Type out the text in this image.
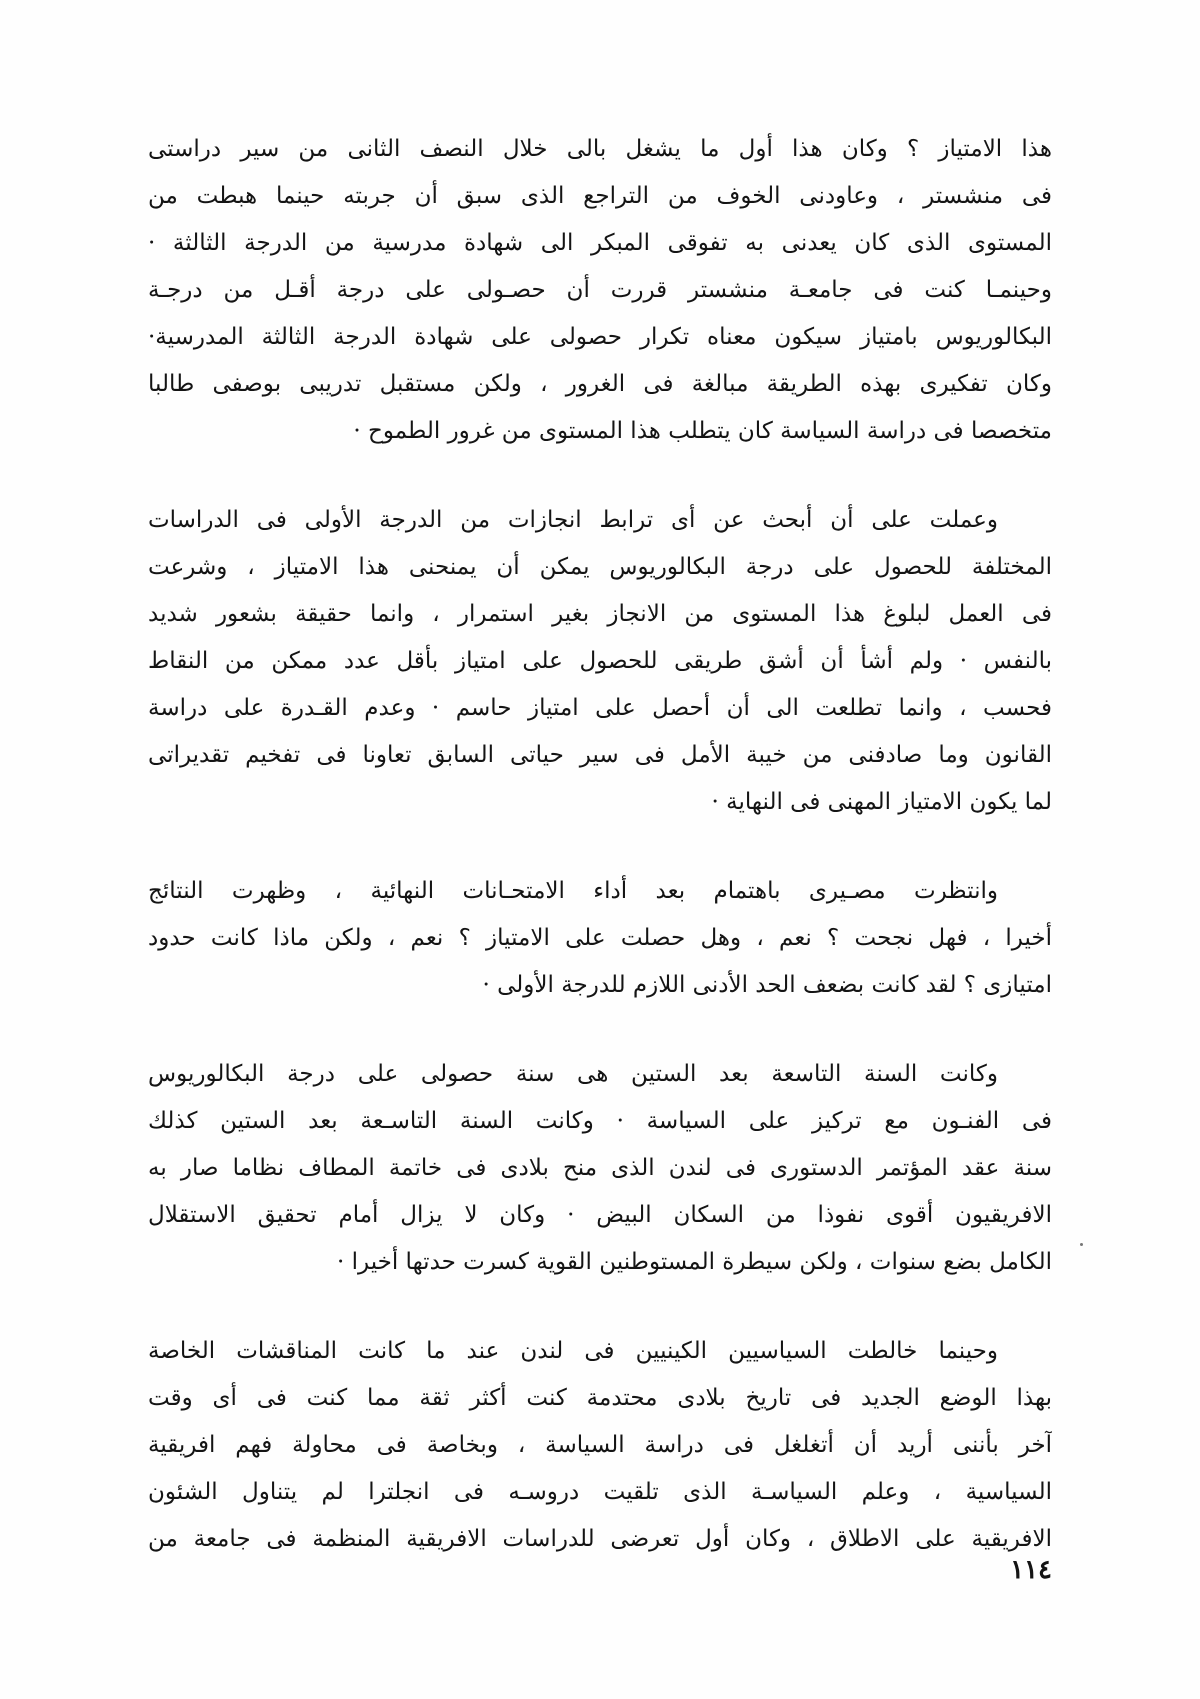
هذا الامتياز ؟ وكان هذا أول ما يشغل بالى خلال النصف الثانى من سير دراستى
فى منشستر ، وعاودنى الخوف من التراجع الذى سبق أن جربته حينما هبطت من
المستوى الذى كان يعدنى به تفوقى المبكر الى شهادة مدرسية من الدرجة الثالثة ·
وحينمـا كنت فى جامعـة منشستر قررت أن حصـولى على درجة أقـل من درجـة
البكالوريوس بامتياز سيكون معناه تكرار حصولى على شهادة الدرجة الثالثة المدرسية·
وكان تفكيرى بهذه الطريقة مبالغة فى الغرور ، ولكن مستقبل تدريبى بوصفى طالبا
متخصصا فى دراسة السياسة كان يتطلب هذا المستوى من غرور الطموح ·
وعملت على أن أبحث عن أى ترابط انجازات من الدرجة الأولى فى الدراسات
المختلفة للحصول على درجة البكالوريوس يمكن أن يمنحنى هذا الامتياز ، وشرعت
فى العمل لبلوغ هذا المستوى من الانجاز بغير استمرار ، وانما حقيقة بشعور شديد
بالنفس · ولم أشأ أن أشق طريقى للحصول على امتياز بأقل عدد ممكن من النقاط
فحسب ، وانما تطلعت الى أن أحصل على امتياز حاسم · وعدم القـدرة على دراسة
القانون وما صادفنى من خيبة الأمل فى سير حياتى السابق تعاونا فى تفخيم تقديراتى
لما يكون الامتياز المهنى فى النهاية ·
وانتظرت مصـيرى باهتمام بعد أداء الامتحـانات النهائية ، وظهرت النتائج
أخيرا ، فهل نجحت ؟ نعم ، وهل حصلت على الامتياز ؟ نعم ، ولكن ماذا كانت حدود
امتيازى ؟ لقد كانت بضعف الحد الأدنى اللازم للدرجة الأولى ·
وكانت السنة التاسعة بعد الستين هى سنة حصولى على درجة البكالوريوس
فى الفنـون مع تركيز على السياسة · وكانت السنة التاسـعة بعد الستين كذلك
سنة عقد المؤتمر الدستورى فى لندن الذى منح بلادى فى خاتمة المطاف نظاما صار به
الافريقيون أقوى نفوذا من السكان البيض · وكان لا يزال أمام تحقيق الاستقلال
الكامل بضع سنوات ، ولكن سيطرة المستوطنين القوية كسرت حدتها أخيرا ·
وحينما خالطت السياسيين الكينيين فى لندن عند ما كانت المناقشات الخاصة
بهذا الوضع الجديد فى تاريخ بلادى محتدمة كنت أكثر ثقة مما كنت فى أى وقت
آخر بأننى أريد أن أتغلغل فى دراسة السياسة ، وبخاصة فى محاولة فهم افريقية
السياسية ، وعلم السياسـة الذى تلقيت دروسـه فى انجلترا لم يتناول الشئون
الافريقية على الاطلاق ، وكان أول تعرضى للدراسات الافريقية المنظمة فى جامعة من
١١٤
